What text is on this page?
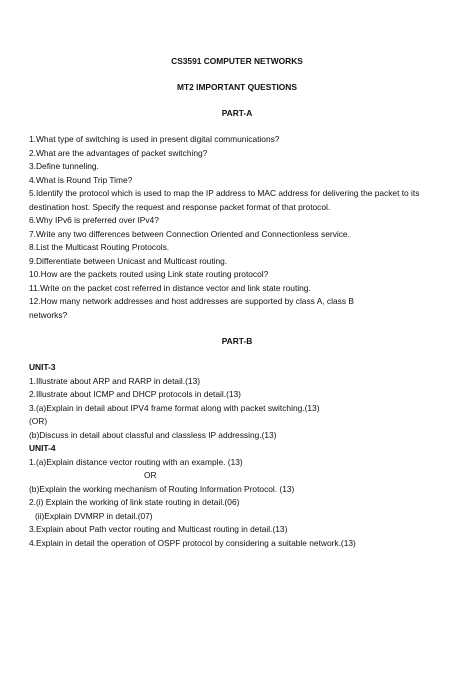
CS3591 COMPUTER NETWORKS

MT2 IMPORTANT QUESTIONS

PART-A

1.What type of switching is used in present digital communications?

2.What are the advantages of packet switching?

3.Define tunneling.

4.What is Round Trip Time?

5.Identify the protocol which is used to map the IP address to MAC address for delivering the packet to its destination host. Specify the request and response packet format of that protocol.

6.Why IPv6 is preferred over IPv4?

7.Write any two differences between Connection Oriented and Connectionless service.

8.List the Multicast Routing Protocols.

9.Differentiate between Unicast and Multicast routing.

10.How are the packets routed using Link state routing protocol?

11.Write on the packet cost referred in distance vector and link state routing.

12.How many network addresses and host addresses are supported by class A, class B networks?

PART-B

UNIT-3

1.Illustrate about ARP and RARP in detail.(13)

2.Illustrate about ICMP and DHCP protocols in detail.(13)

3.(a)Explain in detail about IPV4 frame format along with packet switching.(13)

(OR)

(b)Discuss in detail about classful and classless IP addressing.(13)

UNIT-4

1.(a)Explain distance vector routing with an example. (13)

OR

(b)Explain the working mechanism of Routing Information Protocol. (13)

2.(i) Explain the working of link state routing in detail.(06)

(ii)Explain DVMRP in detail.(07)

3.Explain about Path vector routing and Multicast routing in detail.(13)

4.Explain in detail the operation of OSPF protocol by considering a suitable network.(13)
